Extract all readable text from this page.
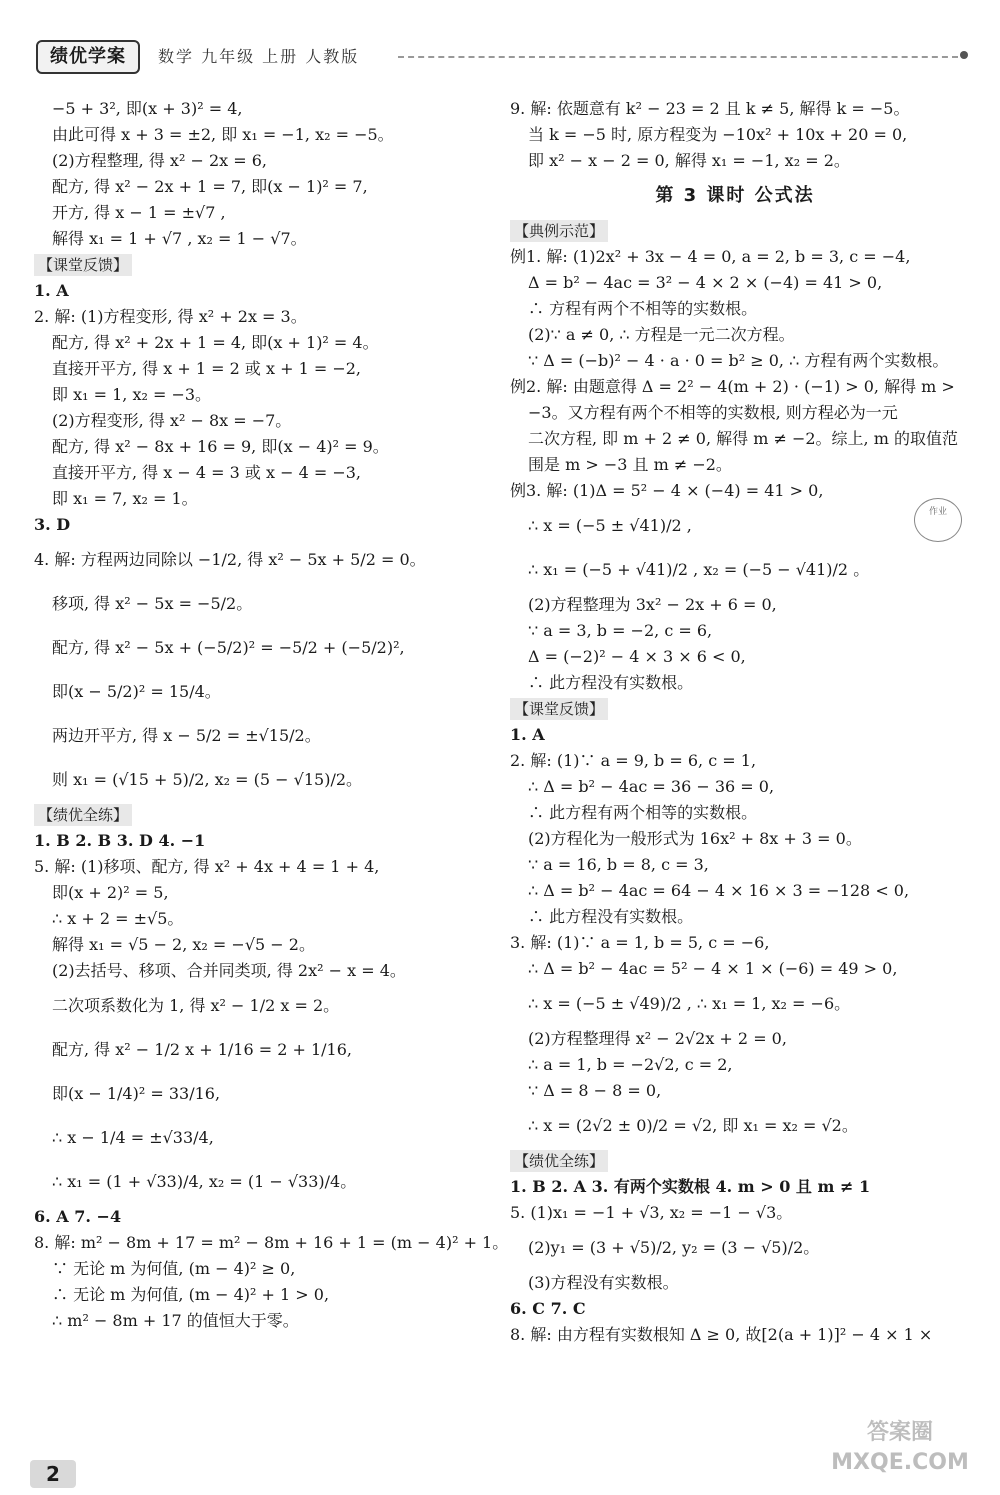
绩优学案	数学 九年级 上册 人教版
−5 + 3², 即(x + 3)² = 4,
由此可得 x + 3 = ±2, 即 x₁ = −1, x₂ = −5。
(2)方程整理, 得 x² − 2x = 6,
配方, 得 x² − 2x + 1 = 7, 即(x − 1)² = 7,
开方, 得 x − 1 = ±√7 ,
解得 x₁ = 1 + √7 , x₂ = 1 − √7。
【课堂反馈】
1. A
2. 解: (1)方程变形, 得 x² + 2x = 3。
配方, 得 x² + 2x + 1 = 4, 即(x + 1)² = 4。
直接开平方, 得 x + 1 = 2 或 x + 1 = −2,
即 x₁ = 1, x₂ = −3。
(2)方程变形, 得 x² − 8x = −7。
配方, 得 x² − 8x + 16 = 9, 即(x − 4)² = 9。
直接开平方, 得 x − 4 = 3 或 x − 4 = −3,
即 x₁ = 7, x₂ = 1。
3. D
4. 解: 方程两边同除以 −1/2, 得 x² − 5x + 5/2 = 0。
移项, 得 x² − 5x = −5/2。
配方, 得 x² − 5x + (−5/2)² = −5/2 + (−5/2)²,
即(x − 5/2)² = 15/4。
两边开平方, 得 x − 5/2 = ±√15/2。
则 x₁ = (√15 + 5)/2, x₂ = (5 − √15)/2。
【绩优全练】
1. B 2. B 3. D 4. −1
5. 解: (1)移项、配方, 得 x² + 4x + 4 = 1 + 4,
即(x + 2)² = 5,
∴ x + 2 = ±√5。
解得 x₁ = √5 − 2, x₂ = −√5 − 2。
(2)去括号、移项、合并同类项, 得 2x² − x = 4。
二次项系数化为 1, 得 x² − 1/2 x = 2。
配方, 得 x² − 1/2 x + 1/16 = 2 + 1/16,
即(x − 1/4)² = 33/16,
∴ x − 1/4 = ±√33/4,
∴ x₁ = (1 + √33)/4, x₂ = (1 − √33)/4。
6. A 7. −4
8. 解: m² − 8m + 17 = m² − 8m + 16 + 1 = (m − 4)² + 1。
∵ 无论 m 为何值, (m − 4)² ≥ 0,
∴ 无论 m 为何值, (m − 4)² + 1 > 0,
∴ m² − 8m + 17 的值恒大于零。
9. 解: 依题意有 k² − 23 = 2 且 k ≠ 5, 解得 k = −5。
当 k = −5 时, 原方程变为 −10x² + 10x + 20 = 0,
即 x² − x − 2 = 0, 解得 x₁ = −1, x₂ = 2。
第 3 课时 公式法
【典例示范】
例1. 解: (1)2x² + 3x − 4 = 0, a = 2, b = 3, c = −4,
Δ = b² − 4ac = 3² − 4 × 2 × (−4) = 41 > 0,
∴ 方程有两个不相等的实数根。
(2)∵ a ≠ 0, ∴ 方程是一元二次方程。
∵ Δ = (−b)² − 4 · a · 0 = b² ≥ 0, ∴ 方程有两个实数根。
例2. 解: 由题意得 Δ = 2² − 4(m + 2) · (−1) > 0, 解得 m >
−3。又方程有两个不相等的实数根, 则方程必为一元
二次方程, 即 m + 2 ≠ 0, 解得 m ≠ −2。综上, m 的取值范
围是 m > −3 且 m ≠ −2。
例3. 解: (1)Δ = 5² − 4 × (−4) = 41 > 0,
∴ x = (−5 ± √41)/2 ,
∴ x₁ = (−5 + √41)/2 , x₂ = (−5 − √41)/2 。
(2)方程整理为 3x² − 2x + 6 = 0,
∵ a = 3, b = −2, c = 6,
Δ = (−2)² − 4 × 3 × 6 < 0,
∴ 此方程没有实数根。
【课堂反馈】
1. A
2. 解: (1)∵ a = 9, b = 6, c = 1,
∴ Δ = b² − 4ac = 36 − 36 = 0,
∴ 此方程有两个相等的实数根。
(2)方程化为一般形式为 16x² + 8x + 3 = 0。
∵ a = 16, b = 8, c = 3,
∴ Δ = b² − 4ac = 64 − 4 × 16 × 3 = −128 < 0,
∴ 此方程没有实数根。
3. 解: (1)∵ a = 1, b = 5, c = −6,
∴ Δ = b² − 4ac = 5² − 4 × 1 × (−6) = 49 > 0,
∴ x = (−5 ± √49)/2 , ∴ x₁ = 1, x₂ = −6。
(2)方程整理得 x² − 2√2x + 2 = 0,
∴ a = 1, b = −2√2, c = 2,
∵ Δ = 8 − 8 = 0,
∴ x = (2√2 ± 0)/2 = √2, 即 x₁ = x₂ = √2。
【绩优全练】
1. B 2. A 3. 有两个实数根 4. m > 0 且 m ≠ 1
5. (1)x₁ = −1 + √3, x₂ = −1 − √3。
(2)y₁ = (3 + √5)/2, y₂ = (3 − √5)/2。
(3)方程没有实数根。
6. C 7. C
8. 解: 由方程有实数根知 Δ ≥ 0, 故[2(a + 1)]² − 4 × 1 ×
作业
答案圈 MXQE.COM
2
